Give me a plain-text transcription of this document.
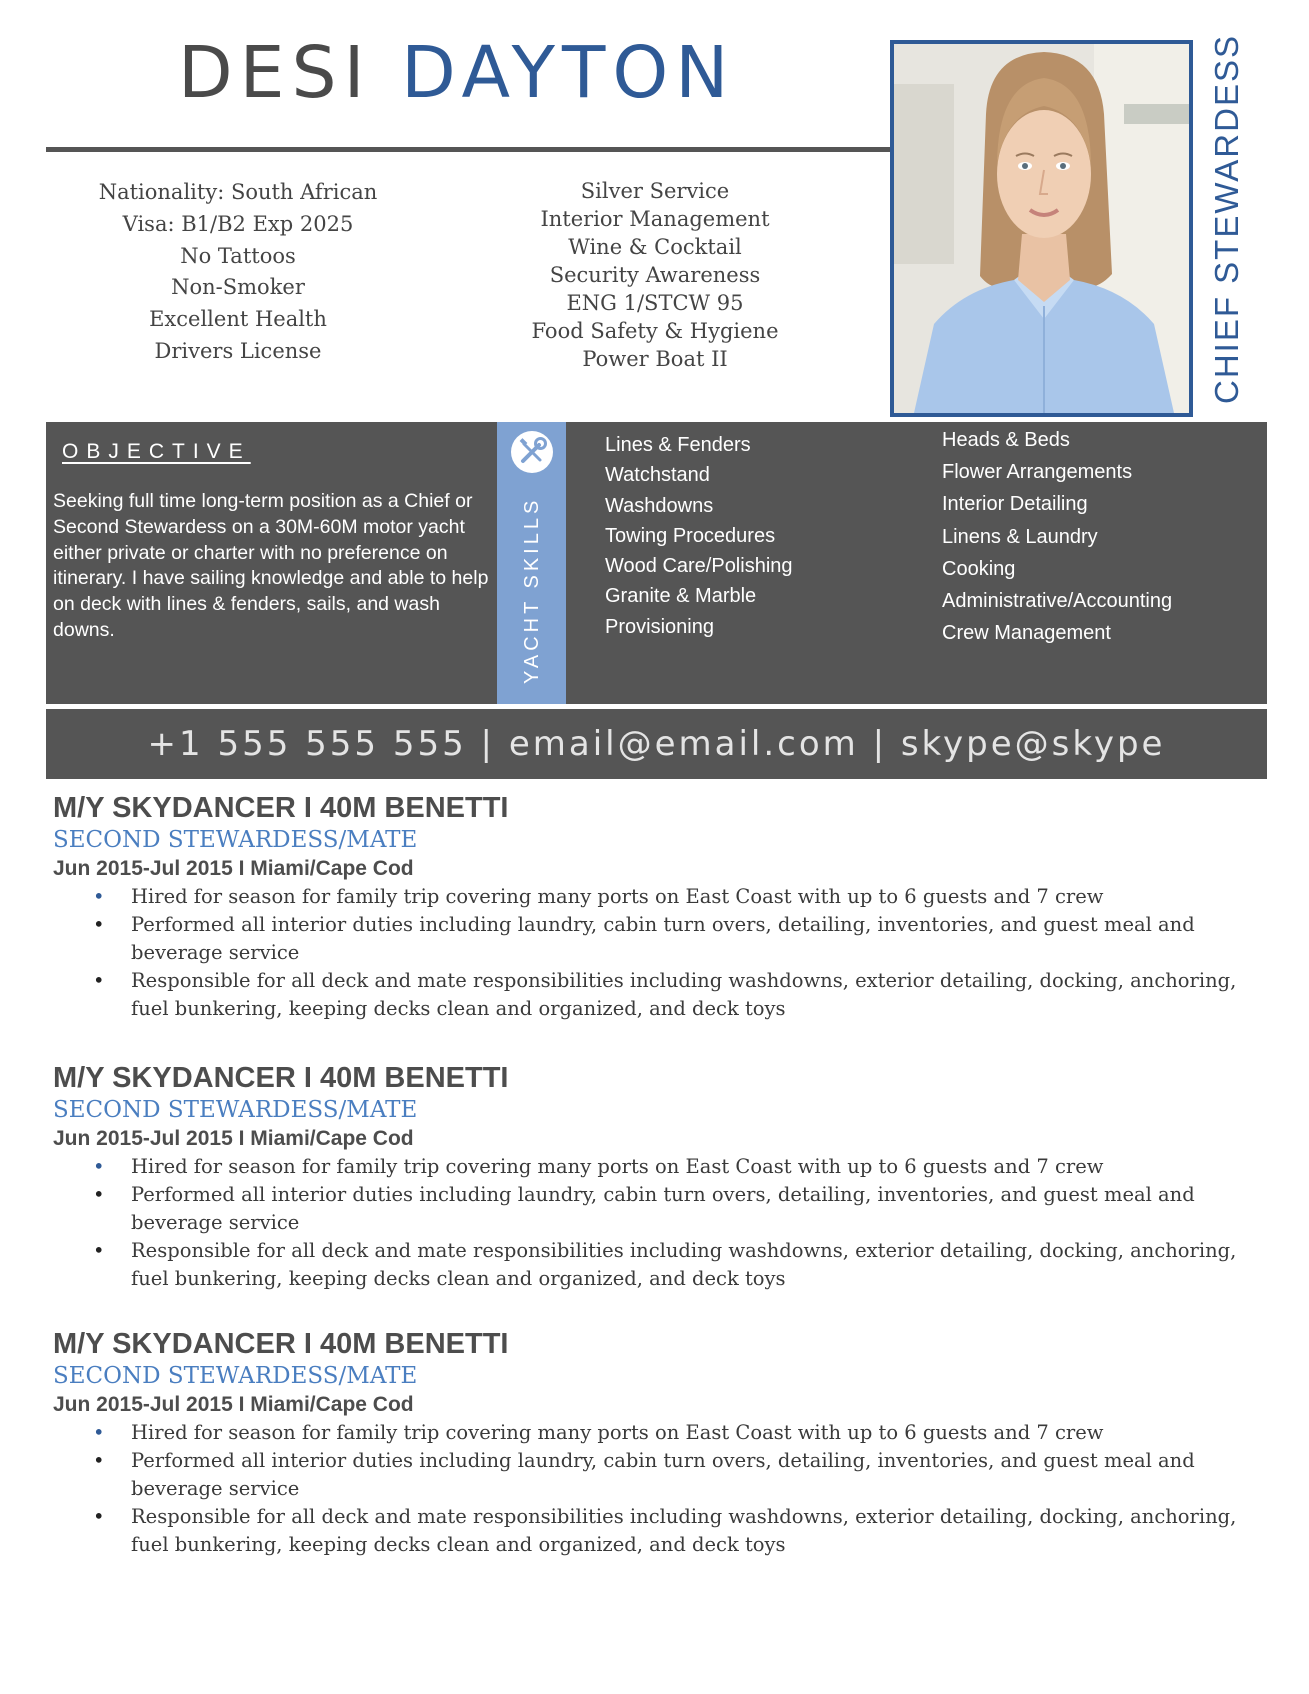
DESI DAYTON
Nationality: South African
Visa: B1/B2 Exp 2025
No Tattoos
Non-Smoker
Excellent Health
Drivers License
Silver Service
Interior Management
Wine & Cocktail
Security Awareness
ENG 1/STCW 95
Food Safety & Hygiene
Power Boat II	CHIEF STEWARDESS
OBJECTIVE
Seeking full time long-term position as a Chief or Second Stewardess on a 30M-60M motor yacht either private or charter with no preference on itinerary. I have sailing knowledge and able to help on deck with lines & fenders, sails, and wash downs.	YACHT SKILLS
Lines & Fenders
Watchstand
Washdowns
Towing Procedures
Wood Care/Polishing
Granite & Marble
Provisioning
Heads & Beds
Flower Arrangements
Interior Detailing
Linens & Laundry
Cooking
Administrative/Accounting
Crew Management
+1 555 555 555 | email@email.com | skype@skype
M/Y SKYDANCER I 40M BENETTI
SECOND STEWARDESS/MATE
Jun 2015-Jul 2015 I Miami/Cape Cod
• Hired for season for family trip covering many ports on East Coast with up to 6 guests and 7 crew
• Performed all interior duties including laundry, cabin turn overs, detailing, inventories, and guest meal and beverage service
• Responsible for all deck and mate responsibilities including washdowns, exterior detailing, docking, anchoring, fuel bunkering, keeping decks clean and organized, and deck toys
M/Y SKYDANCER I 40M BENETTI
SECOND STEWARDESS/MATE
Jun 2015-Jul 2015 I Miami/Cape Cod
• Hired for season for family trip covering many ports on East Coast with up to 6 guests and 7 crew
• Performed all interior duties including laundry, cabin turn overs, detailing, inventories, and guest meal and beverage service
• Responsible for all deck and mate responsibilities including washdowns, exterior detailing, docking, anchoring, fuel bunkering, keeping decks clean and organized, and deck toys
M/Y SKYDANCER I 40M BENETTI
SECOND STEWARDESS/MATE
Jun 2015-Jul 2015 I Miami/Cape Cod
• Hired for season for family trip covering many ports on East Coast with up to 6 guests and 7 crew
• Performed all interior duties including laundry, cabin turn overs, detailing, inventories, and guest meal and beverage service
• Responsible for all deck and mate responsibilities including washdowns, exterior detailing, docking, anchoring, fuel bunkering, keeping decks clean and organized, and deck toys
